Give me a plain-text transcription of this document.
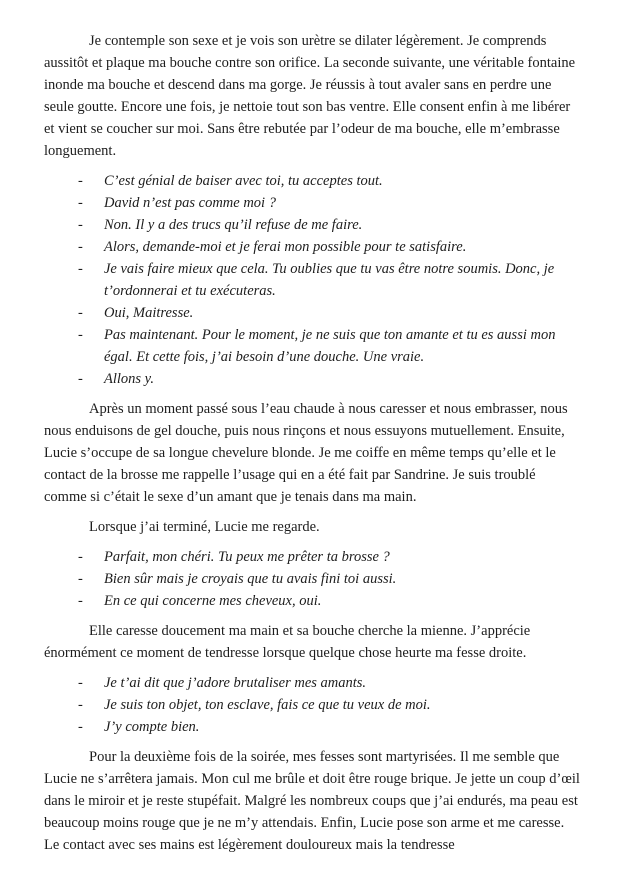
Je contemple son sexe et je vois son urètre se dilater légèrement. Je comprends aussitôt et plaque ma bouche contre son orifice. La seconde suivante, une véritable fontaine inonde ma bouche et descend dans ma gorge. Je réussis à tout avaler sans en perdre une seule goutte. Encore une fois, je nettoie tout son bas ventre. Elle consent enfin à me libérer et vient se coucher sur moi. Sans être rebutée par l’odeur de ma bouche, elle m’embrasse longuement.

-	C’est génial de baiser avec toi, tu acceptes tout.
-	David n’est pas comme moi ?
-	Non. Il y a des trucs qu’il refuse de me faire.
-	Alors, demande-moi et je ferai mon possible pour te satisfaire.
-	Je vais faire mieux que cela. Tu oublies que tu vas être notre soumis. Donc, je t’ordonnerai et tu exécuteras.
-	Oui, Maitresse.
-	Pas maintenant. Pour le moment, je ne suis que ton amante et tu es aussi mon égal. Et cette fois, j’ai besoin d’une douche. Une vraie.
-	Allons y.

Après un moment passé sous l’eau chaude à nous caresser et nous embrasser, nous nous enduisons de gel douche, puis nous rinçons et nous essuyons mutuellement. Ensuite, Lucie s’occupe de sa longue chevelure blonde. Je me coiffe en même temps qu’elle et le contact de la brosse me rappelle l’usage qui en a été fait par Sandrine. Je suis troublé comme si c’était le sexe d’un amant que je tenais dans ma main.

Lorsque j’ai terminé, Lucie me regarde.

-	Parfait, mon chéri. Tu peux me prêter ta brosse ?
-	Bien sûr mais je croyais que tu avais fini toi aussi.
-	En ce qui concerne mes cheveux, oui.

Elle caresse doucement ma main et sa bouche cherche la mienne. J’apprécie énormément ce moment de tendresse lorsque quelque chose heurte ma fesse droite.

-	Je t’ai dit que j’adore brutaliser mes amants.
-	Je suis ton objet, ton esclave, fais ce que tu veux de moi.
-	J’y compte bien.

Pour la deuxième fois de la soirée, mes fesses sont martyrisées. Il me semble que Lucie ne s’arrêtera jamais. Mon cul me brûle et doit être rouge brique. Je jette un coup d’œil dans le miroir et je reste stupéfait. Malgré les nombreux coups que j’ai endurés, ma peau est beaucoup moins rouge que je ne m’y attendais. Enfin, Lucie pose son arme et me caresse. Le contact avec ses mains est légèrement douloureux mais la tendresse
